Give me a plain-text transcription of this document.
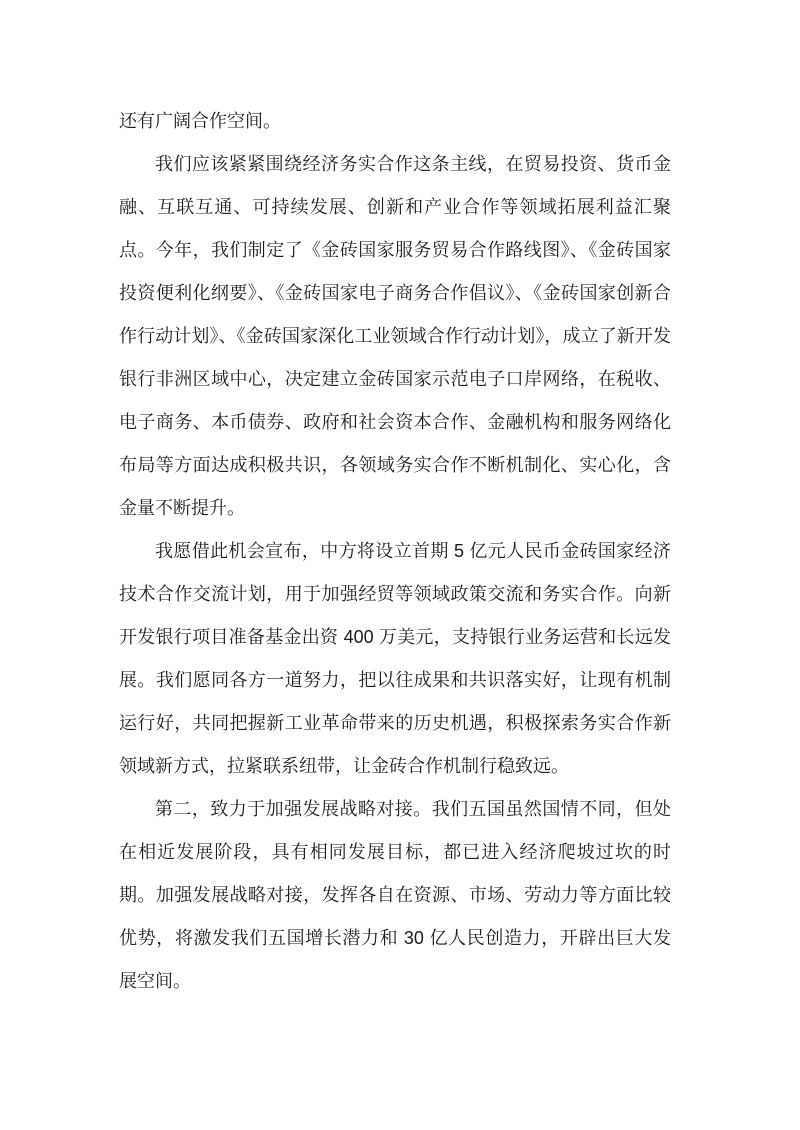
还有广阔合作空间。

我们应该紧紧围绕经济务实合作这条主线，在贸易投资、货币金融、互联互通、可持续发展、创新和产业合作等领域拓展利益汇聚点。今年，我们制定了《金砖国家服务贸易合作路线图》、《金砖国家投资便利化纲要》、《金砖国家电子商务合作倡议》、《金砖国家创新合作行动计划》、《金砖国家深化工业领域合作行动计划》，成立了新开发银行非洲区域中心，决定建立金砖国家示范电子口岸网络，在税收、电子商务、本币债券、政府和社会资本合作、金融机构和服务网络化布局等方面达成积极共识，各领域务实合作不断机制化、实心化，含金量不断提升。

我愿借此机会宣布，中方将设立首期 5 亿元人民币金砖国家经济技术合作交流计划，用于加强经贸等领域政策交流和务实合作。向新开发银行项目准备基金出资 400 万美元，支持银行业务运营和长远发展。我们愿同各方一道努力，把以往成果和共识落实好，让现有机制运行好，共同把握新工业革命带来的历史机遇，积极探索务实合作新领域新方式，拉紧联系纽带，让金砖合作机制行稳致远。

第二，致力于加强发展战略对接。我们五国虽然国情不同，但处在相近发展阶段，具有相同发展目标，都已进入经济爬坡过坎的时期。加强发展战略对接，发挥各自在资源、市场、劳动力等方面比较优势，将激发我们五国增长潜力和 30 亿人民创造力，开辟出巨大发展空间。
